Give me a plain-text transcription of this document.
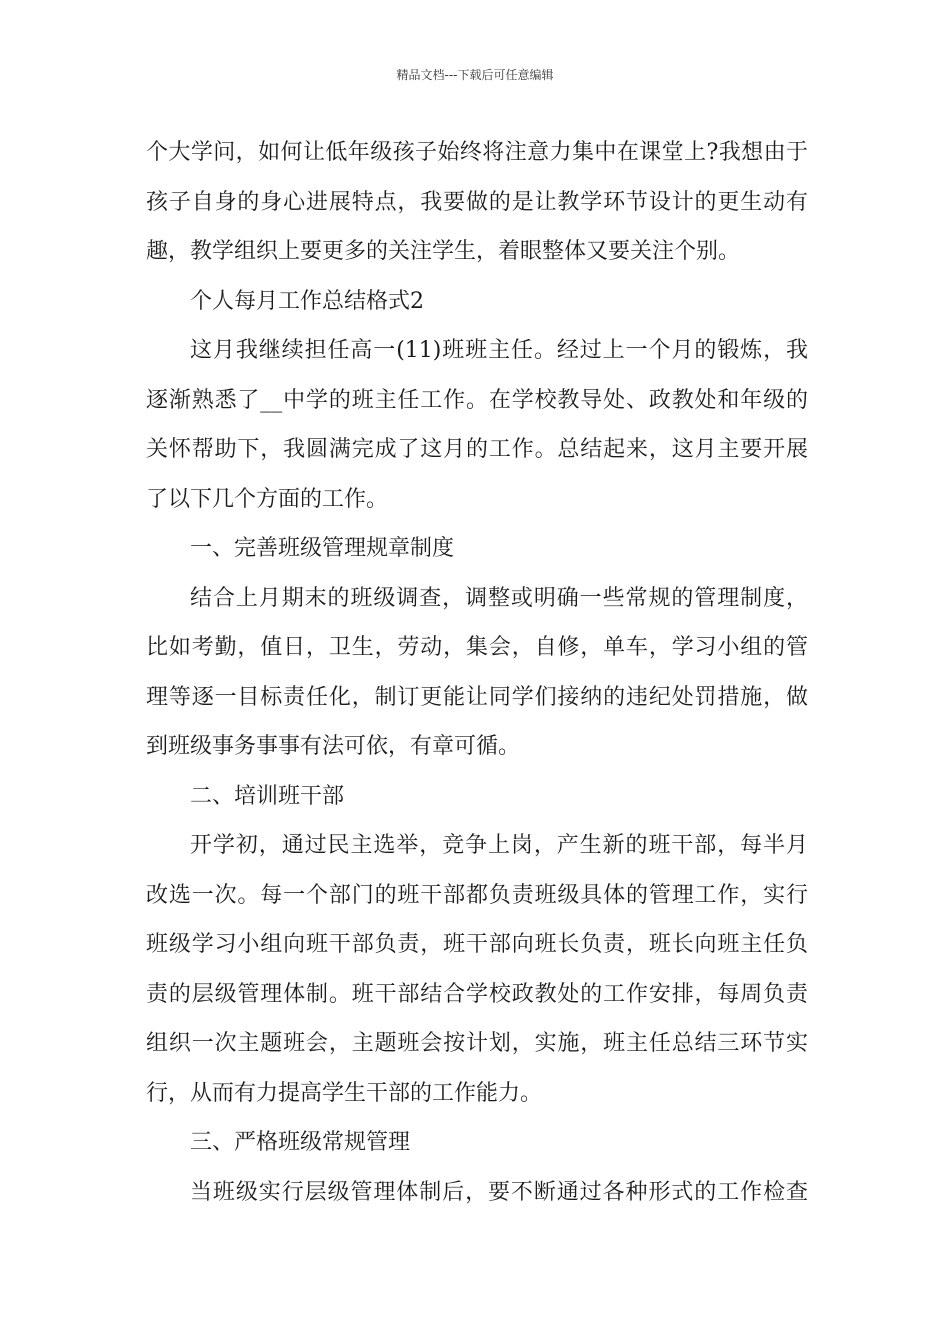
精品文档---下载后可任意编辑
个大学问，如何让低年级孩子始终将注意力集中在课堂上?我想由于
孩子自身的身心进展特点，我要做的是让教学环节设计的更生动有
趣，教学组织上要更多的关注学生，着眼整体又要关注个别。
个人每月工作总结格式2
这月我继续担任高一(11)班班主任。经过上一个月的锻炼，我
逐渐熟悉了__中学的班主任工作。在学校教导处、政教处和年级的
关怀帮助下，我圆满完成了这月的工作。总结起来，这月主要开展
了以下几个方面的工作。
一、完善班级管理规章制度
结合上月期末的班级调查，调整或明确一些常规的管理制度，
比如考勤，值日，卫生，劳动，集会，自修，单车，学习小组的管
理等逐一目标责任化，制订更能让同学们接纳的违纪处罚措施，做
到班级事务事事有法可依，有章可循。
二、培训班干部
开学初，通过民主选举，竞争上岗，产生新的班干部，每半月
改选一次。每一个部门的班干部都负责班级具体的管理工作，实行
班级学习小组向班干部负责，班干部向班长负责，班长向班主任负
责的层级管理体制。班干部结合学校政教处的工作安排，每周负责
组织一次主题班会，主题班会按计划，实施，班主任总结三环节实
行，从而有力提高学生干部的工作能力。
三、严格班级常规管理
当班级实行层级管理体制后，要不断通过各种形式的工作检查
